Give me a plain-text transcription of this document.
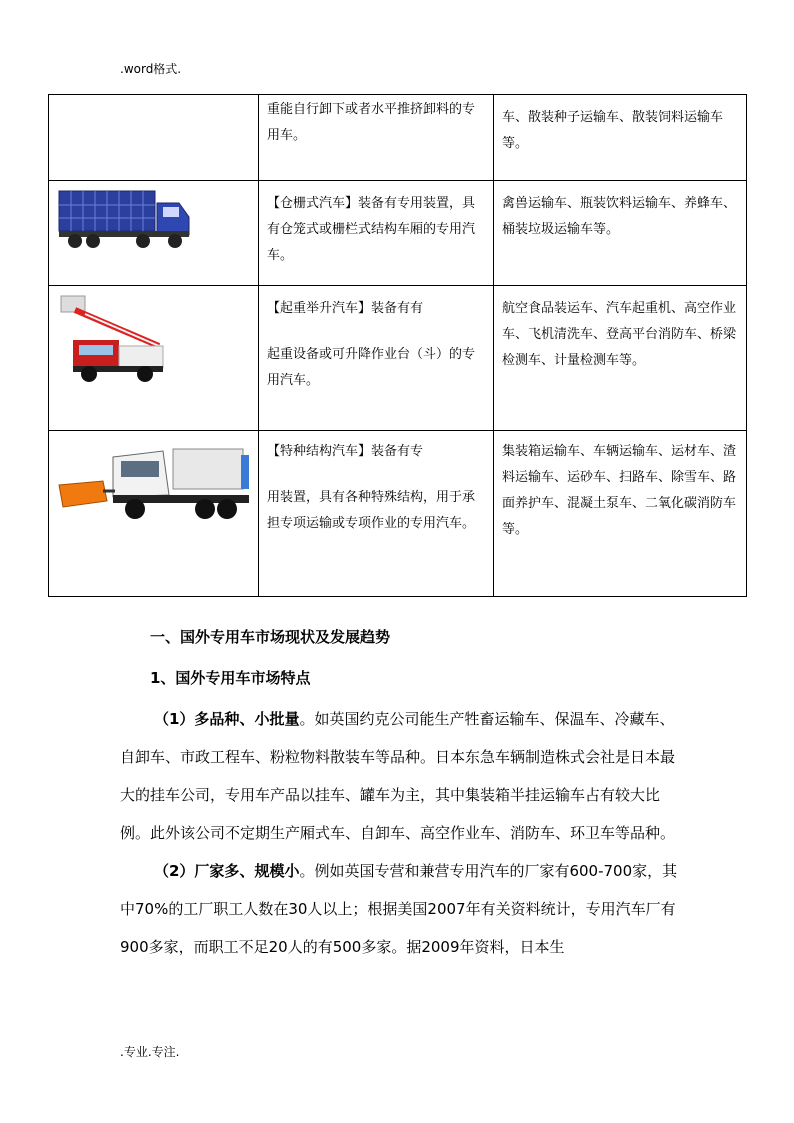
.word格式.

	重能自行卸下或者水平推挤卸料的专用车。	车、散装种子运输车、散装饲料运输车等。

【仓栅式汽车】装备有专用装置，具有仓笼式或栅栏式结构车厢的专用汽车。	禽兽运输车、瓶装饮料运输车、养蜂车、桶装垃圾运输车等。

【起重举升汽车】装备有有

起重设备或可升降作业台（斗）的专用汽车。	航空食品装运车、汽车起重机、高空作业车、飞机清洗车、登高平台消防车、桥梁检测车、计量检测车等。

【特种结构汽车】装备有专

用装置，具有各种特殊结构，用于承担专项运输或专项作业的专用汽车。	集装箱运输车、车辆运输车、运材车、渣料运输车、运砂车、扫路车、除雪车、路面养护车、混凝土泵车、二氧化碳消防车等。

一、国外专用车市场现状及发展趋势
1、国外专用车市场特点

（1）多品种、小批量。如英国约克公司能生产牲畜运输车、保温车、冷藏车、自卸车、市政工程车、粉粒物料散装车等品种。日本东急车辆制造株式会社是日本最大的挂车公司，专用车产品以挂车、罐车为主，其中集装箱半挂运输车占有较大比例。此外该公司不定期生产厢式车、自卸车、高空作业车、消防车、环卫车等品种。

（2）厂家多、规模小。例如英国专营和兼营专用汽车的厂家有600-700家，其中70%的工厂职工人数在30人以上；根据美国2007年有关资料统计，专用汽车厂有900多家，而职工不足20人的有500多家。据2009年资料，日本生

.专业.专注.
